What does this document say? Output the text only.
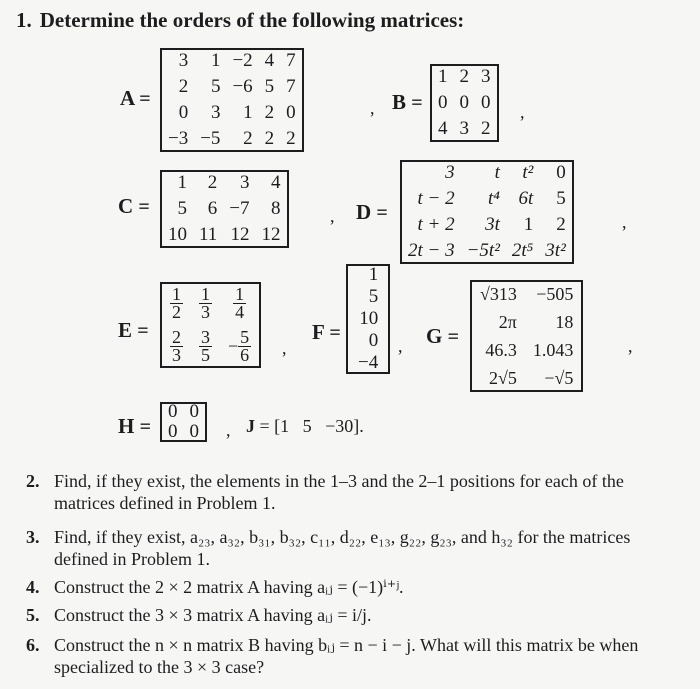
1. Determine the orders of the following matrices:
A =
3	1 −2 4 7
2	5 −6 5 7
0	3	1 2 0
−3 −5	2 2 2
, B =
1 2 3
0 0 0
4 3 2
,
C =
1	2	3	4
5	6 −7	8
10 11 12 12
, D =
3	t	t²	0
t − 2	t⁴ 6t	5
t + 2	3t	1	2
2t − 3 −5t² 2t⁵ 3t²
,
E =
$\frac{1}{2} \frac{1}{3} \frac{1}{4}$
$\frac{2}{3} \frac{3}{5} - \frac{5}{6}$ ,
F =
1
5
10
0
−4
, G =
√313	−505
2π	18
46.3 1.043
2√5	−√5
,
H =
0 0
0 0	, J = [1   5   −30].
2. Find, if they exist, the elements in the 1–3 and the 2–1 positions for each of the matrices defined in Problem 1.
3. Find, if they exist, a₂₃, a₃₂, b₃₁, b₃₂, c₁₁, d₂₂, e₁₃, g₂₂, g₂₃, and h₃₂ for the matrices defined in Problem 1.
4. Construct the 2 × 2 matrix A having aᵢⱼ = (−1)ⁱ⁺ʲ.
5. Construct the 3 × 3 matrix A having aᵢⱼ = i/j.
6. Construct the n × n matrix B having bᵢⱼ = n − i − j. What will this matrix be when specialized to the 3 × 3 case?
